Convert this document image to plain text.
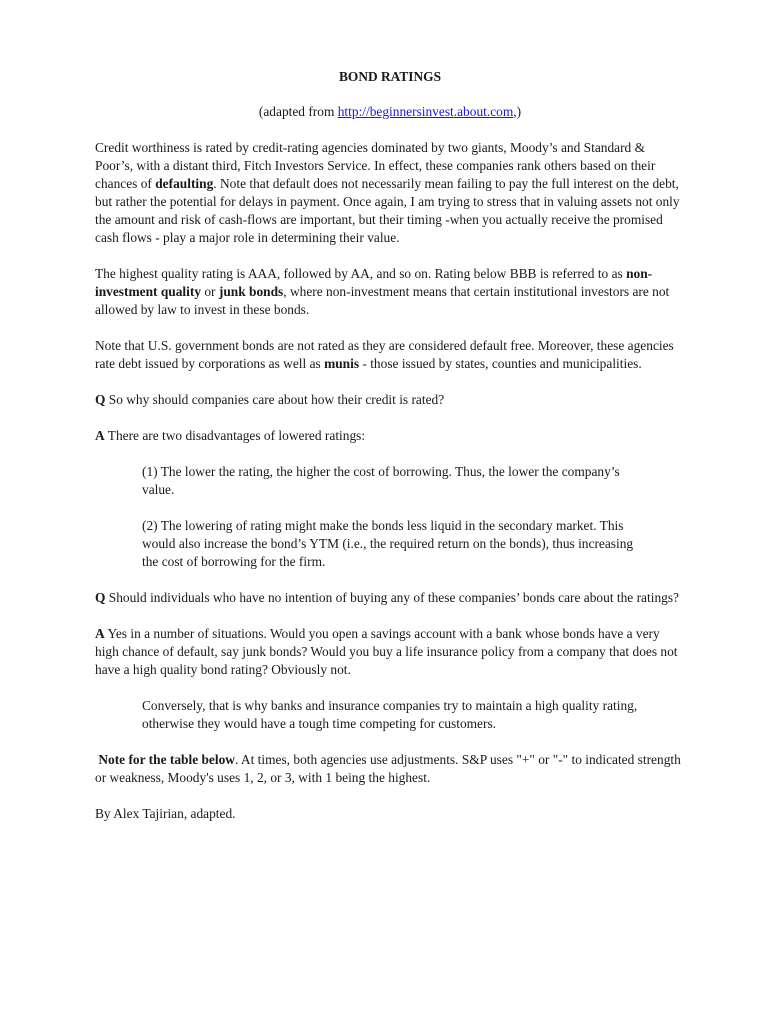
BOND RATINGS
(adapted from http://beginnersinvest.about.com,)

Credit worthiness is rated by credit-rating agencies dominated by two giants, Moody’s and Standard & Poor’s, with a distant third, Fitch Investors Service. In effect, these companies rank others based on their chances of defaulting. Note that default does not necessarily mean failing to pay the full interest on the debt, but rather the potential for delays in payment. Once again, I am trying to stress that in valuing assets not only the amount and risk of cash-flows are important, but their timing -when you actually receive the promised cash flows - play a major role in determining their value.

The highest quality rating is AAA, followed by AA, and so on. Rating below BBB is referred to as non-investment quality or junk bonds, where non-investment means that certain institutional investors are not allowed by law to invest in these bonds.

Note that U.S. government bonds are not rated as they are considered default free. Moreover, these agencies rate debt issued by corporations as well as munis - those issued by states, counties and municipalities.

Q So why should companies care about how their credit is rated?

A There are two disadvantages of lowered ratings:

(1) The lower the rating, the higher the cost of borrowing. Thus, the lower the company’s value.

(2) The lowering of rating might make the bonds less liquid in the secondary market. This would also increase the bond’s YTM (i.e., the required return on the bonds), thus increasing the cost of borrowing for the firm.

Q Should individuals who have no intention of buying any of these companies’ bonds care about the ratings?

A Yes in a number of situations. Would you open a savings account with a bank whose bonds have a very high chance of default, say junk bonds? Would you buy a life insurance policy from a company that does not have a high quality bond rating? Obviously not.

Conversely, that is why banks and insurance companies try to maintain a high quality rating, otherwise they would have a tough time competing for customers.

Note for the table below. At times, both agencies use adjustments. S&P uses "+" or "-" to indicated strength or weakness, Moody's uses 1, 2, or 3, with 1 being the highest.

By Alex Tajirian, adapted.
